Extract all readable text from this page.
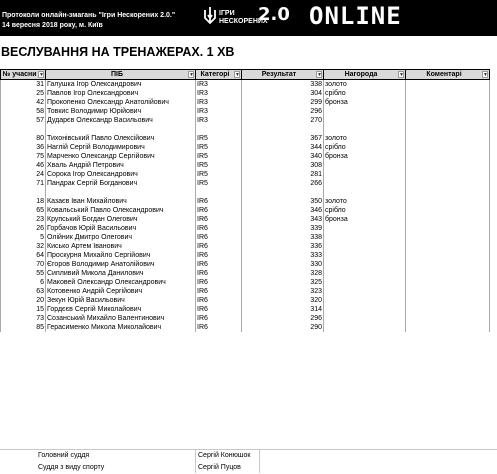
Протоколи онлайн-змагань "Ігри Нескорених 2.0."
14 вересня 2018 року, м. Київ
ІГРИ
НЕСКОРЕНИХ
2.0 ONLINE
ВЕСЛУВАННЯ НА ТРЕНАЖЕРАХ. 1 ХВ
№ учасни ▼	ПІБ ▼	Категорі ▼	Результат ▼	Нагорода ▼	Коментарі ▼

31	Галушка Ігор Олександрович	IR3	338	золото	
25	Павлов Ігор Олександрович	IR3	304	срібло	
42	Прокопенко Олександр Анатолійович	IR3	299	бронза	
58	Товкис Володимир Юрійович	IR3	296		
57	Дударєв Олександр Васильович	IR3	270		

80	Тихонівський Павло Олексійович	IR5	367	золото	
36	Наглій Сергій Володимирович	IR5	344	срібло	
75	Марченко Олександр Сергійович	IR5	340	бронза	
46	Хваль Андрій Петрович	IR5	308		
24	Сорока Ігор Олександрович	IR5	281		
71	Пандрак Сергій Богданович	IR5	266		

18	Казаєв Іван Михайлович	IR6	350	золото	
65	Ковальський Павло Олександрович	IR6	346	срібло	
23	Крупський Богдан Олегович	IR6	343	бронза	
26	Горбачов Юрій Васильович	IR6	339		
5	Олійник Дмитро Олегович	IR6	338		
32	Кисько Артем Іванович	IR6	336		
64	Проскурня Михайло Сергійович	IR6	333		
70	Єгоров Володимир Анатолійович	IR6	330		
55	Сипливий Микола Данилович	IR6	328		
6	Маковей Олександр Олександрович	IR6	325		
63	Котовенко Андрій Сергійович	IR6	323		
20	Зекун Юрій Васильович	IR6	320		
15	Гордєєв Сергій Миколайович	IR6	314		
73	Созанський Михайло Валентинович	IR6	296		
85	Герасименко Микола Миколайович	IR6	290		
Головний суддя	Сергій Конюшок
Суддя з виду спорту	Сергій Пуцов
